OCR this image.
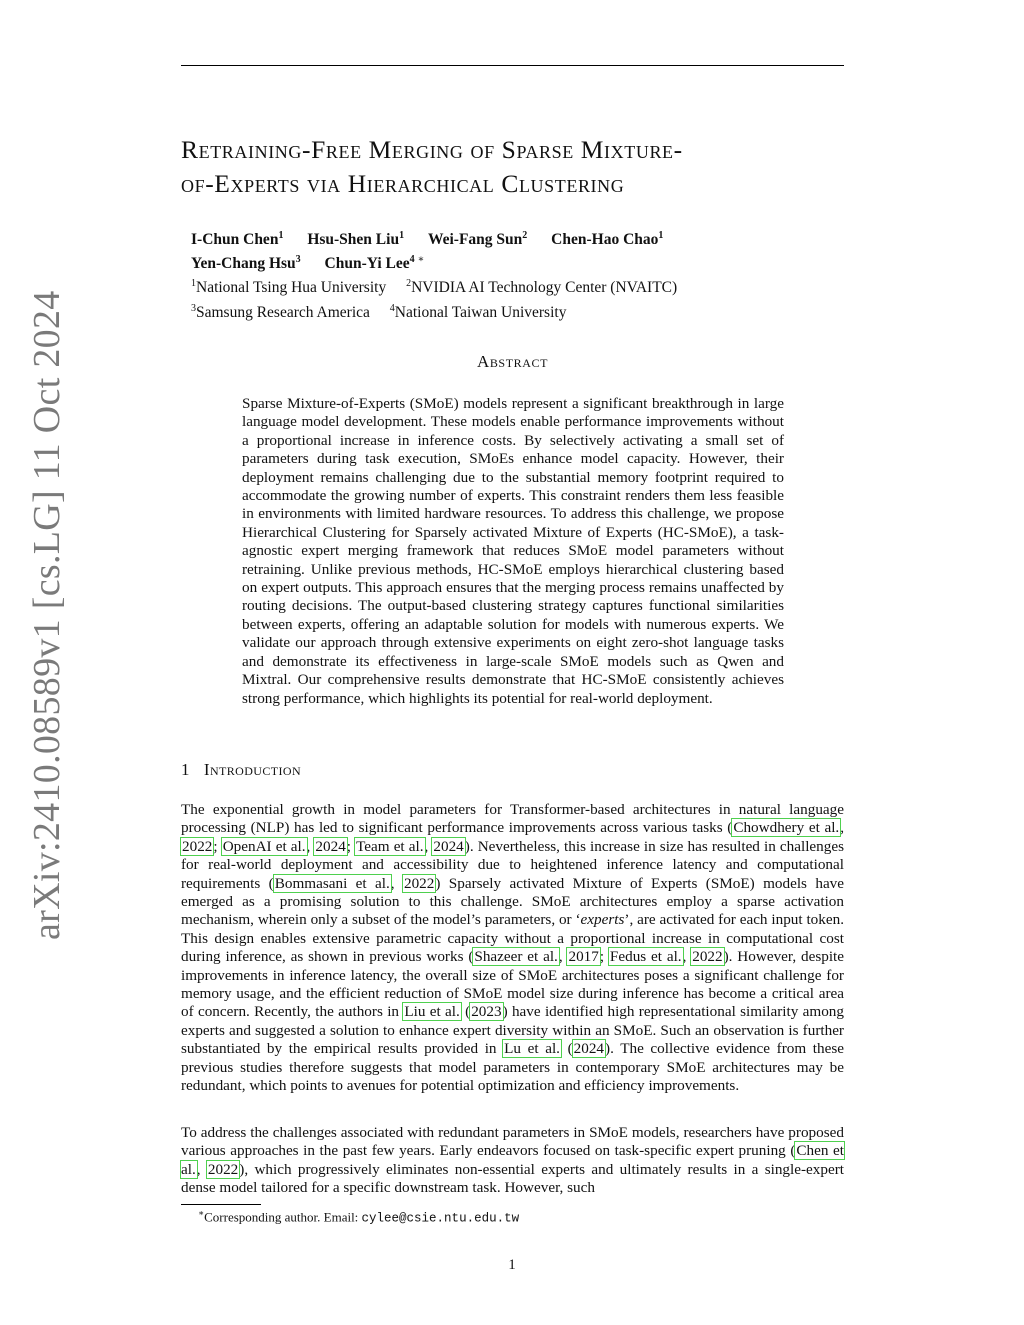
Retraining-Free Merging of Sparse Mixture-
of-Experts via Hierarchical Clustering
I-Chun Chen$^1$ Hsu-Shen Liu$^1$ Wei-Fang Sun$^2$ Chen-Hao Chao$^1$
Yen-Chang Hsu$^3$ Chun-Yi Lee$^4$ ∗
$^1$National Tsing Hua University $^2$NVIDIA AI Technology Center (NVAITC)
$^3$Samsung Research America $^4$National Taiwan University
arXiv:2410.08589v1 [cs.LG] 11 Oct 2024	Abstract

Sparse Mixture-of-Experts (SMoE) models represent a significant breakthrough in large language model development. These models enable performance improvements without a proportional increase in inference costs. By selectively activating a small set of parameters during task execution, SMoEs enhance model capacity. However, their deployment remains challenging due to the substantial memory footprint required to accommodate the growing number of experts. This constraint renders them less feasible in environments with limited hardware resources. To address this challenge, we propose Hierarchical Clustering for Sparsely activated Mixture of Experts (HC-SMoE), a task-agnostic expert merging framework that reduces SMoE model parameters without retraining. Unlike previous methods, HC-SMoE employs hierarchical clustering based on expert outputs. This approach ensures that the merging process remains unaffected by routing decisions. The output-based clustering strategy captures functional similarities between experts, offering an adaptable solution for models with numerous experts. We validate our approach through extensive experiments on eight zero-shot language tasks and demonstrate its effectiveness in large-scale SMoE models such as Qwen and Mixtral. Our comprehensive results demonstrate that HC-SMoE consistently achieves strong performance, which highlights its potential for real-world deployment.

1 Introduction

The exponential growth in model parameters for Transformer-based architectures in natural language processing (NLP) has led to significant performance improvements across various tasks (Chowdhery et al., 2022; OpenAI et al., 2024; Team et al., 2024). Nevertheless, this increase in size has resulted in challenges for real-world deployment and accessibility due to heightened inference latency and computational requirements (Bommasani et al., 2022) Sparsely activated Mixture of Experts (SMoE) models have emerged as a promising solution to this challenge. SMoE architectures employ a sparse activation mechanism, wherein only a subset of the model’s parameters, or ‘experts’, are activated for each input token. This design enables extensive parametric capacity without a proportional increase in computational cost during inference, as shown in previous works (Shazeer et al., 2017; Fedus et al., 2022). However, despite improvements in inference latency, the overall size of SMoE architectures poses a significant challenge for memory usage, and the efficient reduction of SMoE model size during inference has become a critical area of concern. Recently, the authors in Liu et al. (2023) have identified high representational similarity among experts and suggested a solution to enhance expert diversity within an SMoE. Such an observation is further substantiated by the empirical results provided in Lu et al. (2024). The collective evidence from these previous studies therefore suggests that model parameters in contemporary SMoE architectures may be redundant, which points to avenues for potential optimization and efficiency improvements.

To address the challenges associated with redundant parameters in SMoE models, researchers have proposed various approaches in the past few years. Early endeavors focused on task-specific expert pruning (Chen et al., 2022), which progressively eliminates non-essential experts and ultimately results in a single-expert dense model tailored for a specific downstream task. However, such

∗Corresponding author. Email: cylee@csie.ntu.edu.tw
1
